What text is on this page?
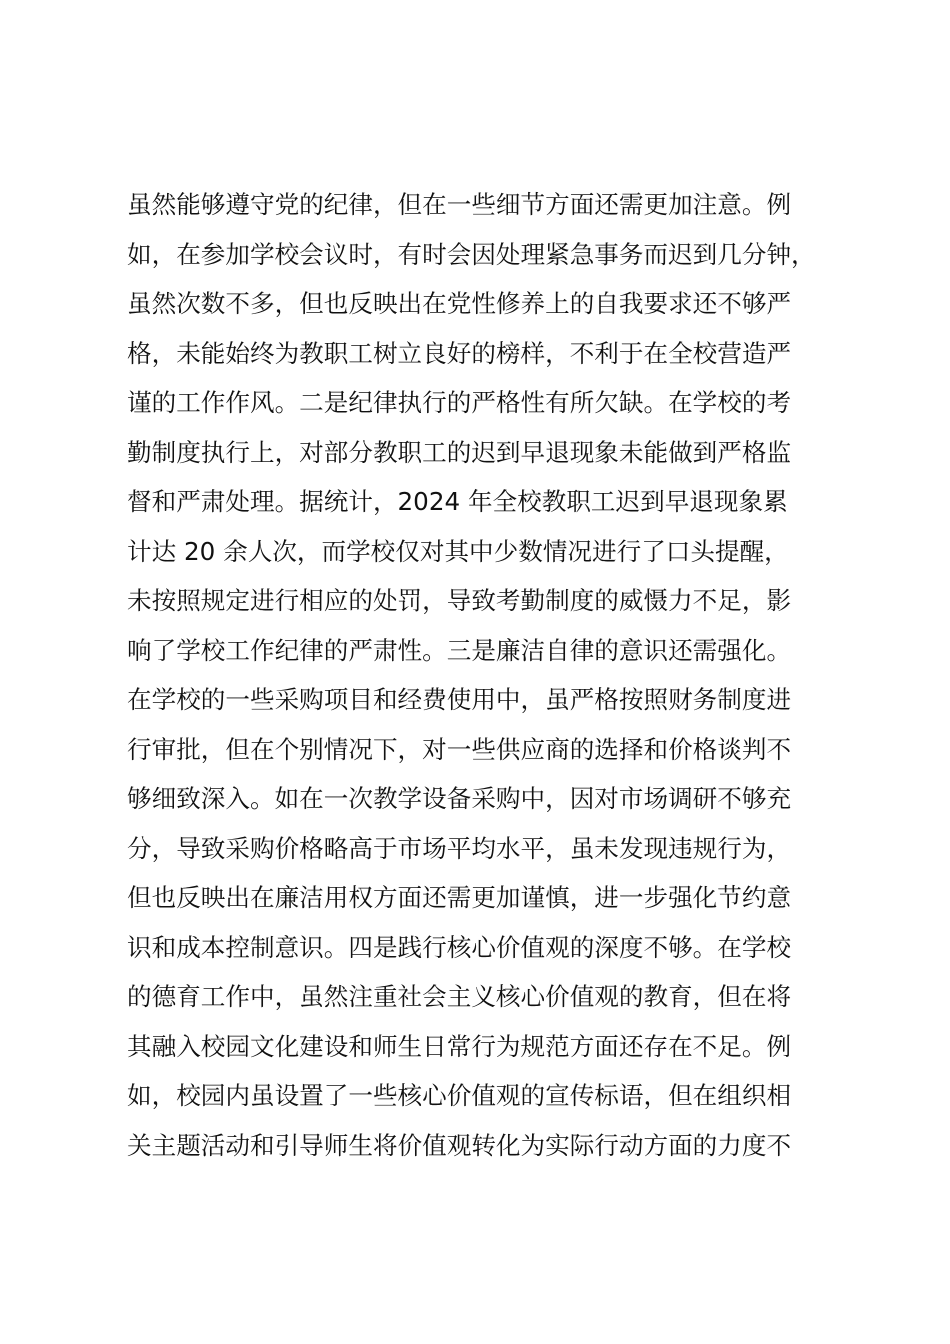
虽然能够遵守党的纪律，但在一些细节方面还需更加注意。例

如，在参加学校会议时，有时会因处理紧急事务而迟到几分钟，

虽然次数不多，但也反映出在党性修养上的自我要求还不够严

格，未能始终为教职工树立良好的榜样，不利于在全校营造严

谨的工作作风。二是纪律执行的严格性有所欠缺。在学校的考

勤制度执行上，对部分教职工的迟到早退现象未能做到严格监

督和严肃处理。据统计，2024 年全校教职工迟到早退现象累

计达 20 余人次，而学校仅对其中少数情况进行了口头提醒，

未按照规定进行相应的处罚，导致考勤制度的威慑力不足，影

响了学校工作纪律的严肃性。三是廉洁自律的意识还需强化。

在学校的一些采购项目和经费使用中，虽严格按照财务制度进

行审批，但在个别情况下，对一些供应商的选择和价格谈判不

够细致深入。如在一次教学设备采购中，因对市场调研不够充

分，导致采购价格略高于市场平均水平，虽未发现违规行为，

但也反映出在廉洁用权方面还需更加谨慎，进一步强化节约意

识和成本控制意识。四是践行核心价值观的深度不够。在学校

的德育工作中，虽然注重社会主义核心价值观的教育，但在将

其融入校园文化建设和师生日常行为规范方面还存在不足。例

如，校园内虽设置了一些核心价值观的宣传标语，但在组织相

关主题活动和引导师生将价值观转化为实际行动方面的力度不
